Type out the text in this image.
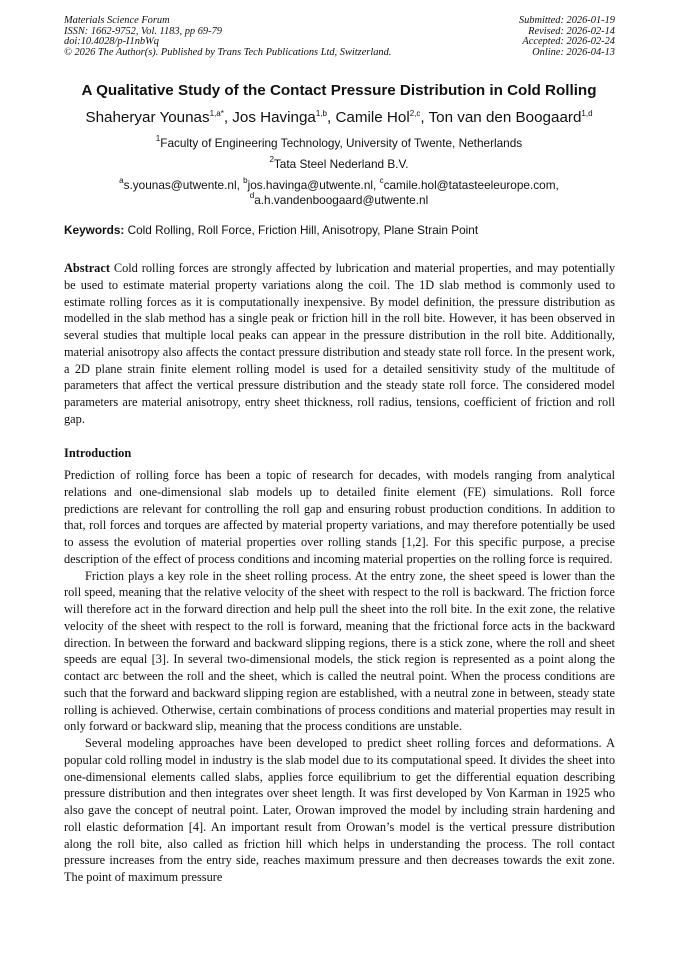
Materials Science Forum
ISSN: 1662-9752, Vol. 1183, pp 69-79
doi:10.4028/p-I1nbWq
© 2026 The Author(s). Published by Trans Tech Publications Ltd, Switzerland.
Submitted: 2026-01-19
Revised: 2026-02-14
Accepted: 2026-02-24
Online: 2026-04-13
A Qualitative Study of the Contact Pressure Distribution in Cold Rolling
Shaheryar Younas$^{1,a*}$, Jos Havinga$^{1,b}$, Camile Hol$^{2,c}$, Ton van den Boogaard$^{1,d}$
$^1$Faculty of Engineering Technology, University of Twente, Netherlands
$^2$Tata Steel Nederland B.V.
$^a$s.younas@utwente.nl, $^b$jos.havinga@utwente.nl, $^c$camile.hol@tatasteeleurope.com,
$^d$a.h.vandenboogaard@utwente.nl
Keywords: Cold Rolling, Roll Force, Friction Hill, Anisotropy, Plane Strain Point
Abstract Cold rolling forces are strongly affected by lubrication and material properties, and may potentially be used to estimate material property variations along the coil. The 1D slab method is commonly used to estimate rolling forces as it is computationally inexpensive. By model definition, the pressure distribution as modelled in the slab method has a single peak or friction hill in the roll bite. However, it has been observed in several studies that multiple local peaks can appear in the pressure distribution in the roll bite. Additionally, material anisotropy also affects the contact pressure distribution and steady state roll force. In the present work, a 2D plane strain finite element rolling model is used for a detailed sensitivity study of the multitude of parameters that affect the vertical pressure distribution and the steady state roll force. The considered model parameters are material anisotropy, entry sheet thickness, roll radius, tensions, coefficient of friction and roll gap.
Introduction

Prediction of rolling force has been a topic of research for decades, with models ranging from analytical relations and one-dimensional slab models up to detailed finite element (FE) simulations. Roll force predictions are relevant for controlling the roll gap and ensuring robust production conditions. In addition to that, roll forces and torques are affected by material property variations, and may therefore potentially be used to assess the evolution of material properties over rolling stands [1,2]. For this specific purpose, a precise description of the effect of process conditions and incoming material properties on the rolling force is required.

Friction plays a key role in the sheet rolling process. At the entry zone, the sheet speed is lower than the roll speed, meaning that the relative velocity of the sheet with respect to the roll is backward. The friction force will therefore act in the forward direction and help pull the sheet into the roll bite. In the exit zone, the relative velocity of the sheet with respect to the roll is forward, meaning that the frictional force acts in the backward direction. In between the forward and backward slipping regions, there is a stick zone, where the roll and sheet speeds are equal [3]. In several two-dimensional models, the stick region is represented as a point along the contact arc between the roll and the sheet, which is called the neutral point. When the process conditions are such that the forward and backward slipping region are established, with a neutral zone in between, steady state rolling is achieved. Otherwise, certain combinations of process conditions and material properties may result in only forward or backward slip, meaning that the process conditions are unstable.

Several modeling approaches have been developed to predict sheet rolling forces and deformations. A popular cold rolling model in industry is the slab model due to its computational speed. It divides the sheet into one-dimensional elements called slabs, applies force equilibrium to get the differential equation describing pressure distribution and then integrates over sheet length. It was first developed by Von Karman in 1925 who also gave the concept of neutral point. Later, Orowan improved the model by including strain hardening and roll elastic deformation [4]. An important result from Orowan’s model is the vertical pressure distribution along the roll bite, also called as friction hill which helps in understanding the process. The roll contact pressure increases from the entry side, reaches maximum pressure and then decreases towards the exit zone. The point of maximum pressure
